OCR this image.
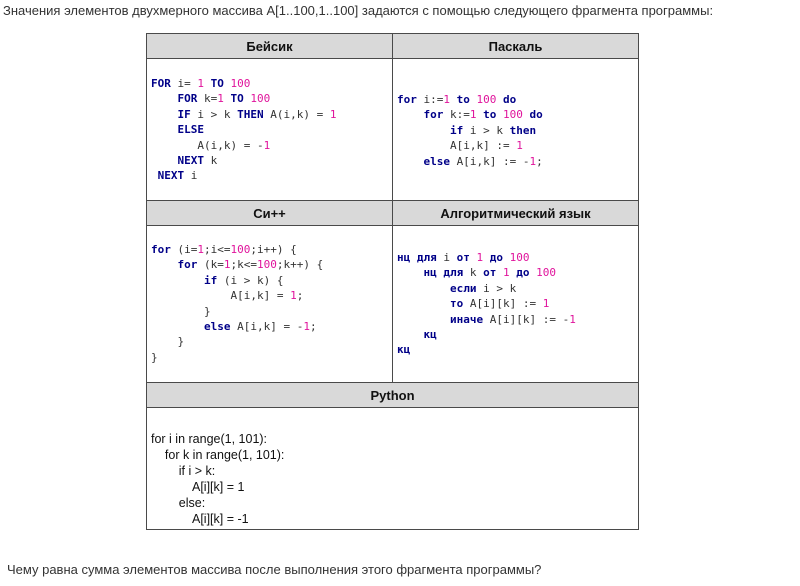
Значения элементов двухмерного массива A[1..100,1..100] задаются с помощью следующего фрагмента программы:
Бейсик	Паскаль
FOR i= 1 TO 100
FOR k=1 TO 100
IF i > k THEN A(i,k) = 1
ELSE
A(i,k) = -1
NEXT k
NEXT i
for i:=1 to 100 do
for k:=1 to 100 do
if i > k then
A[i,k] := 1
else A[i,k] := -1;
Си++	Алгоритмический язык
for (i=1;i<=100;i++) {
for (k=1;k<=100;k++) {
if (i > k) {
A[i,k] = 1;
}
else A[i,k] = -1;
}
}
нц для i от 1 до 100
нц для k от 1 до 100
если i > k
то A[i][k] := 1
иначе A[i][k] := -1
кц
кц
Python
for i in range(1, 101):
for k in range(1, 101):
if i > k:
A[i][k] = 1
else:
A[i][k] = -1
Чему равна сумма элементов массива после выполнения этого фрагмента программы?
